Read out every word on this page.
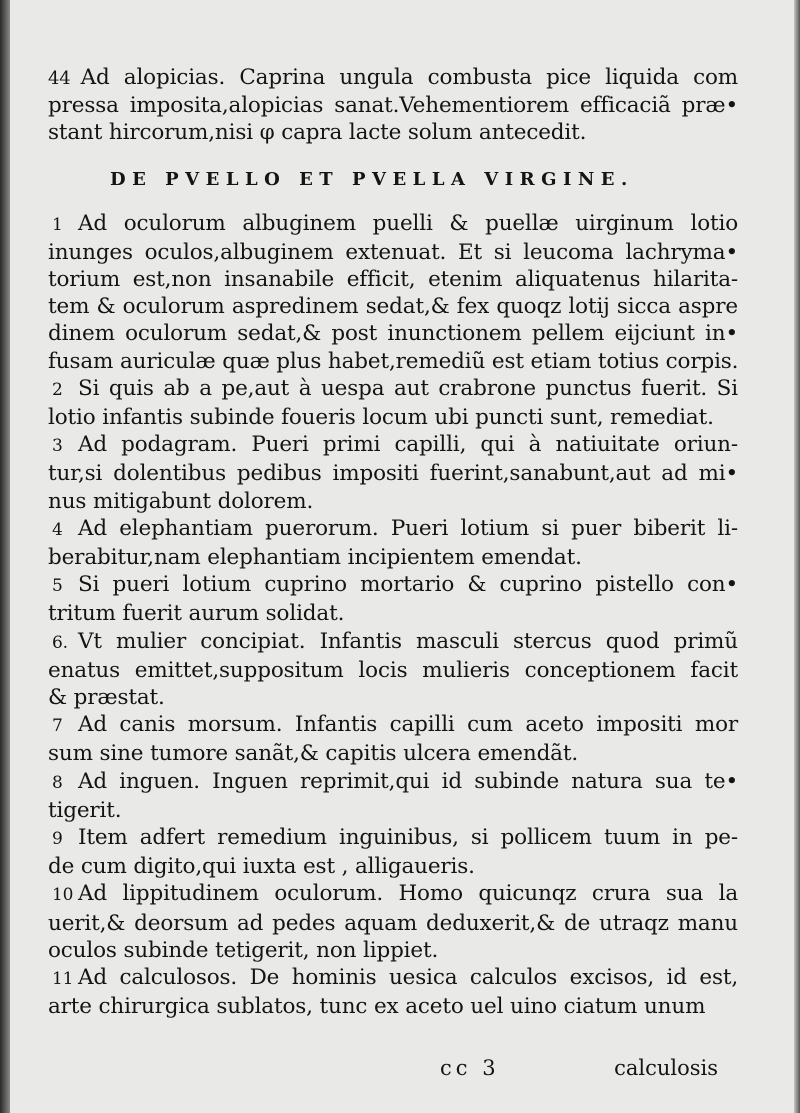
44 Ad alopicias. Caprina ungula combusta pice liquida com
pressa imposita,alopicias sanat.Vehementiorem efficaciã præ•
stant hircorum,nisi φ capra lacte solum antecedit.
DE PVELLO ET PVELLA VIRGINE.
1 Ad oculorum albuginem puelli & puellæ uirginum lotio
inunges oculos,albuginem extenuat. Et si leucoma lachryma•
torium est,non insanabile efficit, etenim aliquatenus hilarita-
tem & oculorum aspredinem sedat,& fex quoqz lotij sicca aspre
dinem oculorum sedat,& post inunctionem pellem eijciunt in•
fusam auriculæ quæ plus habet,remediũ est etiam totius corpis.
2 Si quis ab a pe,aut à uespa aut crabrone punctus fuerit. Si
lotio infantis subinde foueris locum ubi puncti sunt, remediat.
3 Ad podagram. Pueri primi capilli, qui à natiuitate oriun-
tur,si dolentibus pedibus impositi fuerint,sanabunt,aut ad mi•
nus mitigabunt dolorem.
4 Ad elephantiam puerorum. Pueri lotium si puer biberit li-
berabitur,nam elephantiam incipientem emendat.
5 Si pueri lotium cuprino mortario & cuprino pistello con•
tritum fuerit aurum solidat.
6. Vt mulier concipiat. Infantis masculi stercus quod primũ
enatus emittet,suppositum locis mulieris conceptionem facit
& præstat.
7 Ad canis morsum. Infantis capilli cum aceto impositi mor
sum sine tumore sanãt,& capitis ulcera emendãt.
8 Ad inguen. Inguen reprimit,qui id subinde natura sua te•
tigerit.
9 Item adfert remedium inguinibus, si pollicem tuum in pe-
de cum digito,qui iuxta est , alligaueris.
10 Ad lippitudinem oculorum. Homo quicunqz crura sua la
uerit,& deorsum ad pedes aquam deduxerit,& de utraqz manu
oculos subinde tetigerit, non lippiet.
11 Ad calculosos. De hominis uesica calculos excisos, id est,
arte chirurgica sublatos, tunc ex aceto uel uino ciatum unum
cc 3	calculosis
